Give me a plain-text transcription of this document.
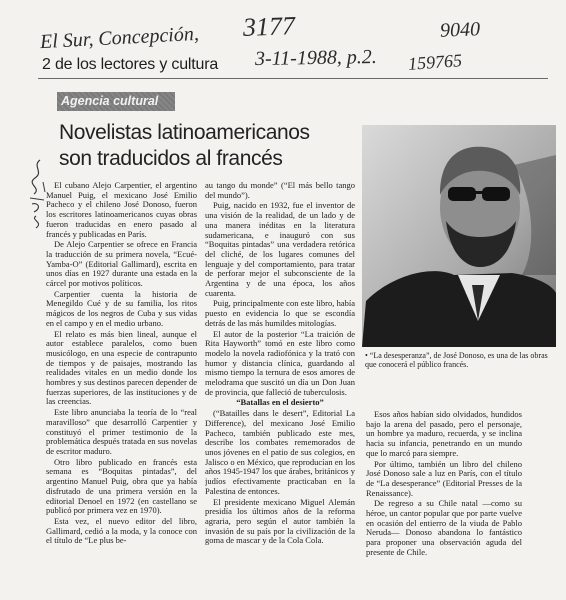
El Sur, Concepción, 3177	9040
3-11-1988, p.2. 159765
2 de los lectores y cultura
Agencia cultural
Novelistas latinoamericanos
son traducidos al francés

El cubano Alejo Carpentier, el argentino Manuel Puig, el mexicano José Emilio Pacheco y el chileno José Donoso, fueron los escritores latinoamericanos cuyas obras fueron traducidas en enero pasado al francés y publicadas en París.

De Alejo Carpentier se ofrece en Francia la traducción de su primera novela, “Ecué-Yamba-O” (Editorial Gallimard), escrita en unos días en 1927 durante una estada en la cárcel por motivos políticos.

Carpentier cuenta la historia de Menegildo Cué y de su familia, los ritos mágicos de los negros de Cuba y sus vidas en el campo y en el medio urbano.

El relato es más bien lineal, aunque el autor establece paralelos, como buen musicólogo, en una especie de contrapunto de tiempos y de paisajes, mostrando las realidades vitales en un medio donde los hombres y sus destinos parecen depender de fuerzas superiores, de las instituciones y de las creencias.

Este libro anunciaba la teoría de lo “real maravilloso” que desarrolló Carpentier y constituyó el primer testimonio de la problemática después tratada en sus novelas de escritor maduro.

Otro libro publicado en francés esta semana es “Boquitas pintadas”, del argentino Manuel Puig, obra que ya había disfrutado de una primera versión en la editorial Denoel en 1972 (en castellano se publicó por primera vez en 1970).

Esta vez, el nuevo editor del libro, Gallimard, cedió a la moda, y la conoce con el título de “Le plus be-

au tango du monde” (“El más bello tango del mundo”).

Puig, nacido en 1932, fue el inventor de una visión de la realidad, de un lado y de una manera inéditas en la literatura sudamericana, e inauguró con sus “Boquitas pintadas” una verdadera retórica del cliché, de los lugares comunes del lenguaje y del comportamiento, para tratar de perforar mejor el subconsciente de la Argentina y de una época, los años cuarenta.

Puig, principalmente con este libro, había puesto en evidencia lo que se escondía detrás de las más humildes mitologías.

El autor de la posterior “La traición de Rita Hayworth” tomó en este libro como modelo la novela radiofónica y la trató con humor y distancia clínica, guardando al mismo tiempo la ternura de esos amores de melodrama que suscitó un día un Don Juan de provincia, que falleció de tuberculosis.

“Batallas en el desierto”

(“Batailles dans le desert”, Editorial La Difference), del mexicano José Emilio Pacheco, también publicado este mes, describe los combates rememorados de unos jóvenes en el patio de sus colegios, en Jalisco o en México, que reproducían en los años 1945-1947 los que árabes, británicos y judíos efectivamente practicaban en la Palestina de entonces.

El presidente mexicano Miguel Alemán presidía los últimos años de la reforma agraria, pero según el autor también la invasión de su país por la civilización de la goma de mascar y de la Cola Cola.

• “La desesperanza”, de José Donoso, es una de las obras que conocerá el público francés.

Esos años habían sido olvidados, hundidos bajo la arena del pasado, pero el personaje, un hombre ya maduro, recuerda, y se inclina hacia su infancia, penetrando en un mundo que lo marcó para siempre.

Por último, también un libro del chileno José Donoso sale a luz en París, con el título de “La desesperance” (Editorial Presses de la Renaissance).

De regreso a su Chile natal —como su héroe, un cantor popular que por parte vuelve en ocasión del entierro de la viuda de Pablo Neruda— Donoso abandona lo fantástico para proponer una observación aguda del presente de Chile.
